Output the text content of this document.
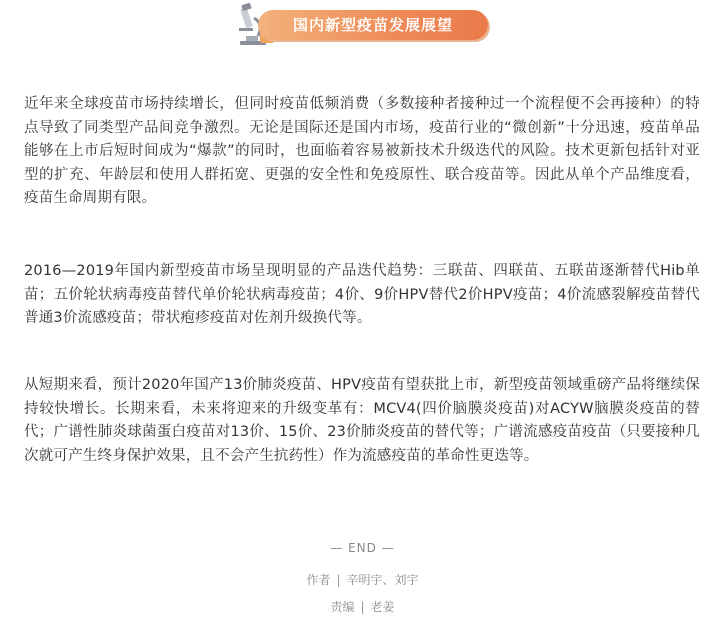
国内新型疫苗发展展望

近年来全球疫苗市场持续增长，但同时疫苗低频消费（多数接种者接种过一个流程便不会再接种）的特点导致了同类型产品间竞争激烈。无论是国际还是国内市场，疫苗行业的“微创新”十分迅速，疫苗单品能够在上市后短时间成为“爆款”的同时，也面临着容易被新技术升级迭代的风险。技术更新包括针对亚型的扩充、年龄层和使用人群拓宽、更强的安全性和免疫原性、联合疫苗等。因此从单个产品维度看，疫苗生命周期有限。

2016—2019年国内新型疫苗市场呈现明显的产品迭代趋势：三联苗、四联苗、五联苗逐渐替代Hib单苗；五价轮状病毒疫苗替代单价轮状病毒疫苗；4价、9价HPV替代2价HPV疫苗；4价流感裂解疫苗替代普通3价流感疫苗；带状疱疹疫苗对佐剂升级换代等。

从短期来看，预计2020年国产13价肺炎疫苗、HPV疫苗有望获批上市，新型疫苗领域重磅产品将继续保持较快增长。长期来看，未来将迎来的升级变革有：MCV4(四价脑膜炎疫苗)对ACYW脑膜炎疫苗的替代；广谱性肺炎球菌蛋白疫苗对13价、15价、23价肺炎疫苗的替代等；广谱流感疫苗疫苗（只要接种几次就可产生终身保护效果，且不会产生抗药性）作为流感疫苗的革命性更迭等。

— END —
作者 | 辛明宇、刘宇
责编 | 老姜
